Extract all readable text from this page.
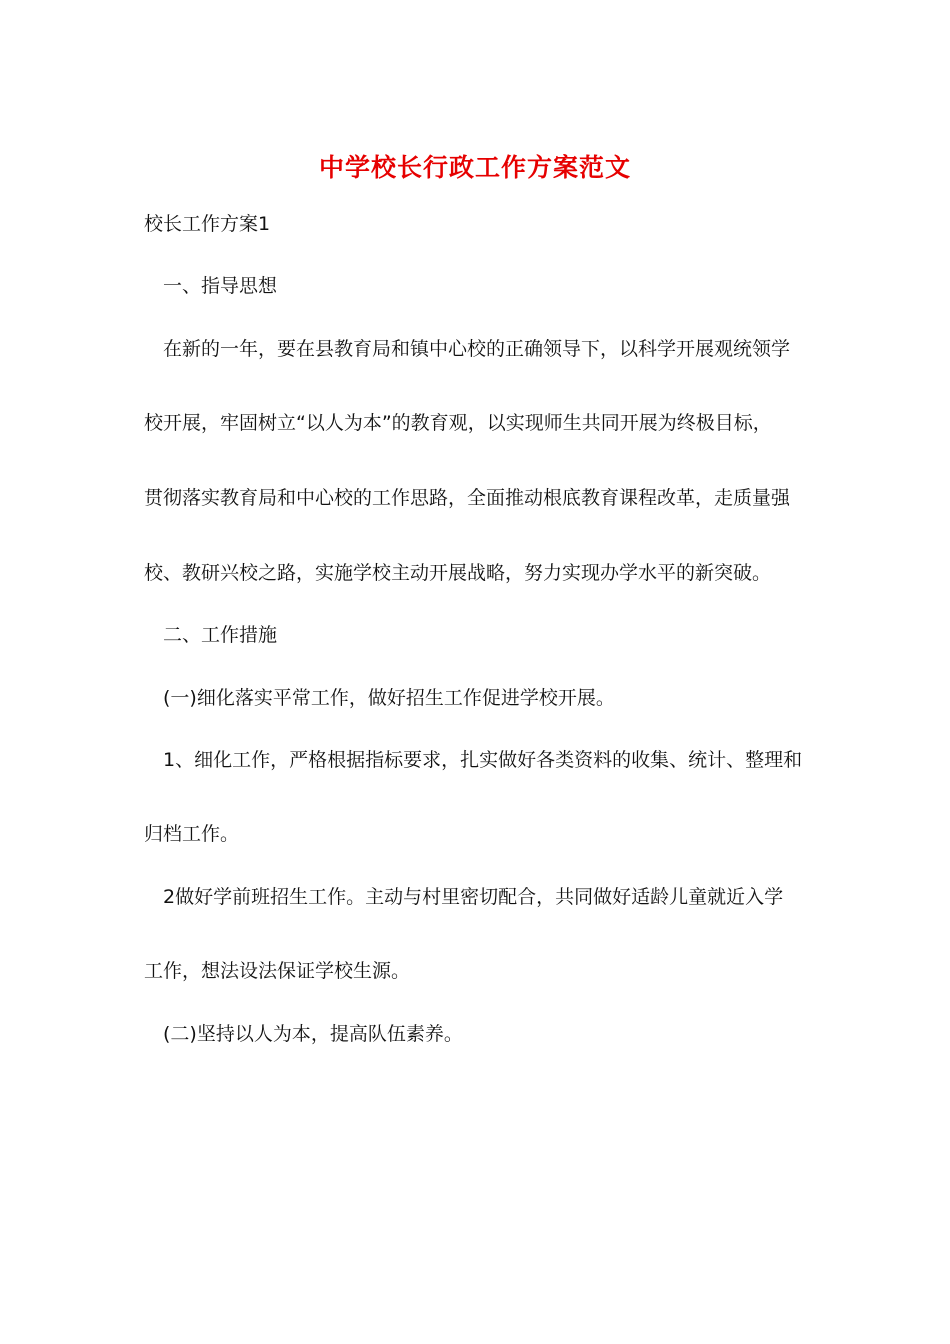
中学校长行政工作方案范文
校长工作方案1
一、指导思想
在新的一年，要在县教育局和镇中心校的正确领导下，以科学开展观统领学
校开展，牢固树立“以人为本”的教育观，以实现师生共同开展为终极目标，
贯彻落实教育局和中心校的工作思路，全面推动根底教育课程改革，走质量强
校、教研兴校之路，实施学校主动开展战略，努力实现办学水平的新突破。
二、工作措施
(一)细化落实平常工作，做好招生工作促进学校开展。
1、细化工作，严格根据指标要求，扎实做好各类资料的收集、统计、整理和
归档工作。
2做好学前班招生工作。主动与村里密切配合，共同做好适龄儿童就近入学
工作，想法设法保证学校生源。
(二)坚持以人为本，提高队伍素养。
